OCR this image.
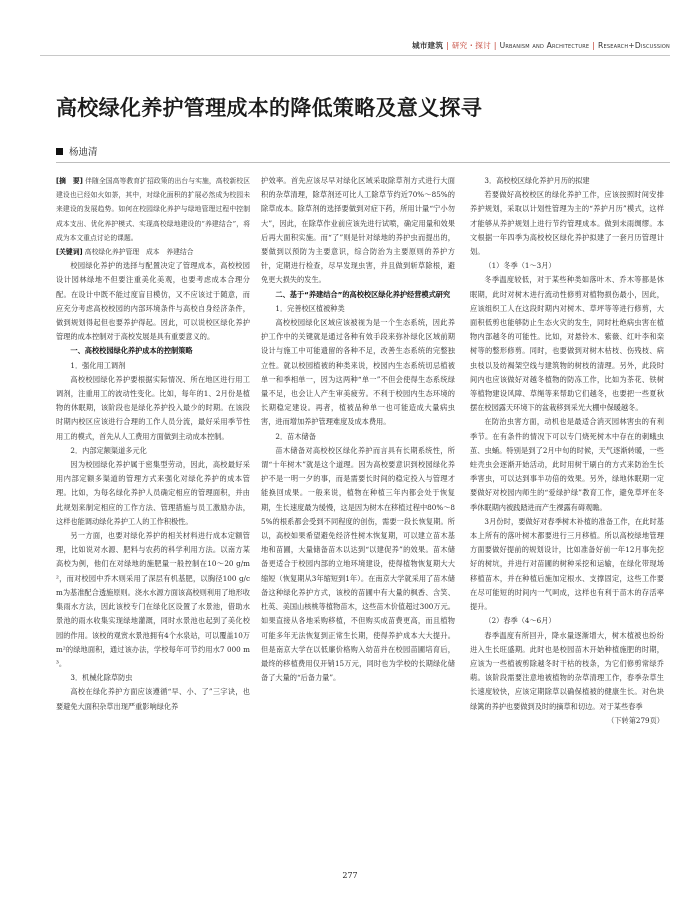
城市建筑 | 研究・探讨 | Urbanism and Architecture | Research+Discussion
高校绿化养护管理成本的降低策略及意义探寻
杨迪清

[摘　要] 伴随全国高等教育扩招政策的出台与实施，高校新校区建设也已经如火如荼，其中，对绿化面积的扩展必然成为校园未来建设的发展趋势。如何在校园绿化养护与绿地管理过程中控制成本支出、优化养护模式、实现高校绿地建设的“养建结合”，将成为本文重点讨论的课题。

[关键词] 高校绿化养护管理　成本　养建结合

校园绿化养护的选择与配置决定了管理成本，高校校园设计园林绿地不但要注重美化美观，也要考虑成本合理分配。在设计中既不能过度盲目模仿，又不应该过于随意，而应充分考虑高校校园的内部环境条件与高校自身经济条件，做到规划得起但也要养护得起。因此，可以说校区绿化养护管理的成本控制对于高校发展是具有重要意义的。

一、高校校园绿化养护成本的控制策略

1．强化用工调剂

高校校园绿化养护要根据实际情况、所在地区进行用工调剂，注重用工的波动性变化。比如，每年的1、2月份是植物的休眠期，该阶段也是绿化养护投入最少的时期。在该段时期内校区应该进行合理的工作人员分流，最好采用季节性用工的模式，首先从人工费用方面做到主动成本控制。

2．内部定额渠道多元化

因为校园绿化养护属于密集型劳动，因此，高校最好采用内部定额多渠道的管理方式来强化对绿化养护的成本管理。比如，为每名绿化养护人员确定相应的管理面积，并由此规划来制定相应的工作方法、管理措施与员工激励办法，这样也能调动绿化养护工人的工作积极性。

另一方面，也要对绿化养护的相关材料进行成本定额管理，比如说对水源、肥料与农药的科学利用方法。以南方某高校为例，他们在对绿地的施肥量一般控制在10～20 g/m²，而对校园中乔木则采用了深层有机基肥，以胸径100 g/cm为基准配合透施原则。浇水水源方面该高校则利用了地形收集雨水方法，因此该校专门在绿化区设置了水景池，借助水景池的雨水收集实现绿地灌溉，同时水景池也起到了美化校园的作用。该校的观赏水景池拥有4个水泉站，可以覆盖10万m²的绿地面积，通过该办法，学校每年可节约用水7 000 m³。

3．机械化除草防虫

高校在绿化养护方面应该遵循“早、小、了”三字诀，也要避免大面积杂草出现严重影响绿化养

护效率。首先应该尽早对绿化区域采取除草剂方式进行大面积的杂草清理，除草剂还可比人工除草节约近70%～85%的除草成本。除草剂的选择要做到对症下药，所用计量“宁小勿大”，因此，在除草作业前应该先进行试喷，确定用量和效果后再大面积实施。而“了”则是针对绿地的养护虫而提出的，要做到以预防为主要意识，综合防治为主要原则的养护方针，定期进行检查，尽早发现虫害，并且做到斩草除根，避免更大损失的发生。

二、基于“养建结合”的高校校区绿化养护经营模式研究

1．完善校区植被种类

高校校园绿化区域应该被视为是一个生态系统，因此养护工作中的关键就是通过各种有效手段来弥补绿化区域前期设计与施工中可能遗留的各种不足，改善生态系统的完整独立性。就以校园植被的种类来说，校园内生态系统切忌植被单一和季相单一，因为这两种“单一”不但会使得生态系统绿量不足，也会让人产生审美疲劳。不利于校园内生态环境的长期稳定建设。再者，植被品种单一也可能造成大量病虫害，进而增加养护管理难度及成本费用。

2．苗木储备

苗木储备对高校校区绿化养护而言具有长期系统性，所谓“十年树木”就是这个道理。因为高校要意识到校园绿化养护不是一明一夕的事，而是需要长时间的稳定投入与管理才能换回成果。一般来说，植物在种植三年内都会处于恢复期，生长速度最为缓慢，这是因为树木在移植过程中80%～85%的根系都会受到不同程度的创伤，需要一段长恢复期。所以，高校如果希望避免经济性树木恢复期，可以建立苗木基地和苗圃，大量储备苗木以达到“以建促养”的效果。苗木储备更适合于校园内部的立地环境建设，使得植物恢复期大大缩短（恢复期从3年缩短到1年）。在南京大学就采用了苗木储备这种绿化养护方式，该校的苗圃中有大量的枫香、含笑、杜英、美国山核桃等植物苗木，这些苗木价值超过300万元。如果直接从各地采购移植，不但购买成苗费更高，而且植物可能多年无法恢复到正常生长期，使得养护成本大大提升。但是南京大学在以低廉价格购入幼苗并在校园苗圃培育后，最终的移植费用仅开销15万元，同时也为学校的长期绿化储备了大量的“后备力量”。

3．高校校区绿化养护月历的拟建

若要做好高校校区的绿化养护工作，应该按照时间安排养护规划，采取以计划性管理为主的“养护月历”模式，这样才能够从养护规划上进行节约管理成本。做到未雨绸缪。本文根据一年四季为高校校区绿化养护拟建了一套月历管理计划。

（1）冬季（1～3月）

冬季温度较低，对于某些种类如落叶木、乔木等都是休眠期，此时对树木进行流动性修剪对植物损伤最小，因此，应该组织工人在这段时期内对树木、草坪等等进行修剪，大面积低剪也能够防止生态火灾的发生，同时杜绝病虫害在植物内部越冬的可能性。比如，对悬铃木、紫薇、红叶李和栾树等的整形修剪。同时，也要做到对树木枯枝、伤残枝、病虫枝以及纺褐架空线与建筑物的树枝的清理。另外，此段时间内也应该做好对越冬植物的防冻工作，比如为茶花、铁树等植物建设风障、草绳等来帮助它们越冬，也要把一些夏秋摆在校园露天环境下的盆栽移到采光大棚中保暖越冬。

在防治虫害方面，动机也是最适合消灭园林害虫的有利季节。在有条件的情况下可以专门烧死树木中存在的刺蛾虫茧、虫蛹。特别是到了2月中旬的时候，天气逐渐转暖，一些蛀壳虫会逐渐开始活动，此时用树干刷白的方式来防治生长季害虫，可以达到事半功倍的效果。另外，绿地休眠期一定要做好对校园内师生的“爱绿护绿”教育工作，避免草坪在冬季休眠期内被践踏进而产生裸露有碍观瞻。

3月份时，要做好对春季树木补植的准备工作，在此时基本上所有的落叶树木都要进行三月移植。所以高校绿地管理方面要做好提前的规划设计，比如准备好前一年12月事先挖好的树坑，并进行对苗圃的树种采挖和运输，在绿化带现场移植苗木，并在种植后施加定根水、支撑固定，这些工作要在尽可能短的时间内一气呵成，这样也有利于苗木的存活率提升。

（2）春季（4～6月）

春季温度有所回升，降水量逐渐增大，树木植被也纷纷进入生长旺盛期。此时也是校园苗木开始种植施肥的时期，应该为一些植被剪除越冬时干枯的枝条，为它们修剪常绿乔萌。该阶段需要注意地被植物的杂草清理工作，春季杂草生长速度较快，应该定期除草以确保植被的健康生长。对色块绿篱的养护也要做到及时的摘草和切边。对于某些春季

（下转第279页）

277
